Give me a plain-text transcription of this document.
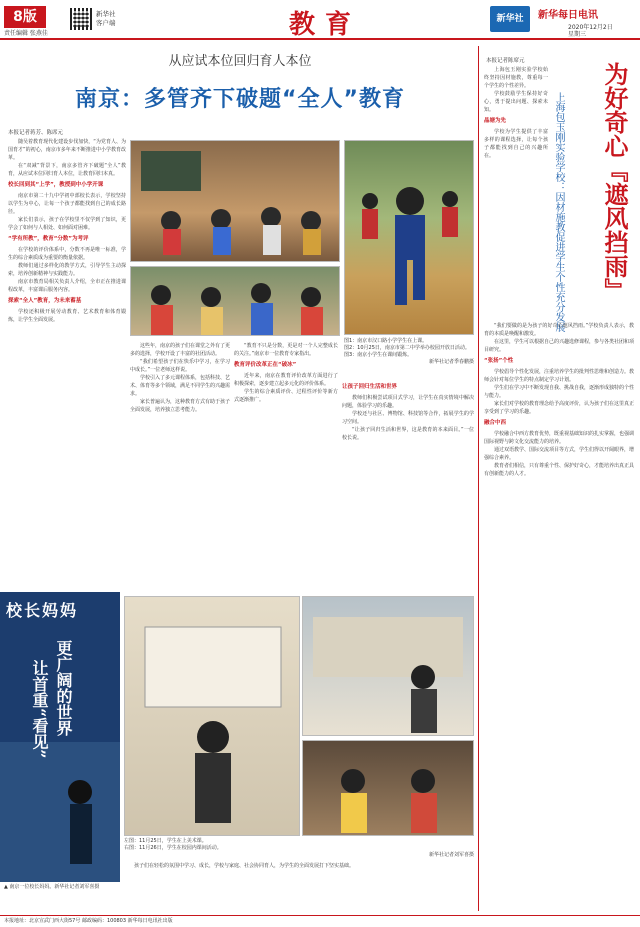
8版
责任编辑 张燕佳
新华社
客户端	教育	新华社	新华每日电讯
2020年12月2日
星期三
从应试本位回归育人本位
南京：多管齐下破题“全人”教育
本报记者蒋芳、陈席元

随吴着教育现代化建设步伐加快，“为党育人、为国育才”的初心，南京市多年来不断推进中小学教育改革。

在“双减”背景下，南京多管齐下破题“全人”教育，从应试本位回归育人本位，让教育回归本真。

校长回到其“上学”，教授到中小学开课

南京市第二十九中学初中部校长表示，学校坚持以学生为中心，让每一个孩子都能找到自己的成长路径。

家长们表示，孩子在学校里不仅学到了知识，更学会了如何与人相处、如何面对困难。

“学有所教”，教育“分数”为考评

在学校的评价体系中，分数不再是唯一标准，学生的综合素质成为重要的衡量依据。

教师们通过多样化的教学方式，引导学生主动探索，培养创新精神与实践能力。

南京市教育局相关负责人介绍，全市正在推进课程改革，丰富课后服务内容。

探索“全人”教育，为未来蓄基

学校还积极开展劳动教育、艺术教育和体育锻炼，让学生全面发展。

图1：南京市汉口路小学学生在上课。
图2：10月25日，南京市第二中学举办校园开放日活动。
图3：南京小学生在课间锻炼。
新华社记者季春鹏摄

这些年，南京的孩子们在课堂之外有了更多的选择，学校开设了丰富的社团活动。

“我们希望孩子们在快乐中学习，在学习中成长。”一位老师这样说。

学校引入了多元课程体系，包括科技、艺术、体育等多个领域，满足不同学生的兴趣需求。

家长普遍认为，这种教育方式有助于孩子全面发展，培养独立思考能力。

“教育不只是分数，更是对一个人完整成长的关注。”南京市一位教育专家指出。

教育评价改革正在“破冰”

近年来，南京在教育评价改革方面进行了积极探索，逐步建立起多元化的评价体系。

学生的综合素质评价、过程性评价等新方式逐渐推广。

让孩子回归生活和世界

教师们积极尝试项目式学习，让学生在真实情境中解决问题，体验学习的乐趣。

学校还与社区、博物馆、科技馆等合作，拓展学生的学习空间。

“让孩子回归生活和世界，这是教育的本来面目。”一位校长说。

校长妈妈
更广阔的世界
让首重“看见”
▲ 南京一位校长妈妈。新华社记者刘军喜摄
左图：11月25日，学生在上美术课。
右图：11月26日，学生在校园内课间活动。
新华社记者刘军喜摄

孩子们在轻松的氛围中学习、成长，学校与家庭、社会协同育人，为学生的全面发展打下坚实基础。

本报记者陈席元
为好奇心『遮风挡雨』
上海包玉刚实验学校：因材施教促进学生个性充分发展

上海包玉刚实验学校始终坚持因材施教，尊重每一个学生的个性差异。

学校鼓励学生保持好奇心，勇于提出问题、探索未知。

晶塘为先

学校为学生提供了丰富多样的课程选择，让每个孩子都能找到自己的兴趣所在。

“我们要做的是为孩子的好奇心遮风挡雨。”学校负责人表示，教育的本质是唤醒和激发。

在这里，学生可以根据自己的兴趣选修课程，参与各类社团和项目研究。

“张扬”个性

学校倡导个性化发展，注重培养学生的批判性思维和创造力。教师会针对每位学生的特点制定学习计划。

学生们在学习中不断发现自我、挑战自我，逐渐形成独特的个性与能力。

家长们对学校的教育理念给予高度评价，认为孩子们在这里真正享受到了学习的乐趣。

融合中西

学校融合中西方教育优势，既重视基础知识的扎实掌握，也强调国际视野与跨文化交流能力的培养。

通过双语教学、国际交流项目等方式，学生们得以开阔眼界，增强综合素养。

教育者们相信，只有尊重个性、保护好奇心，才能培养出真正具有创新能力的人才。

本报地址：北京宣武门西大街57号 邮政编码：100803 新华每日电讯社出版
